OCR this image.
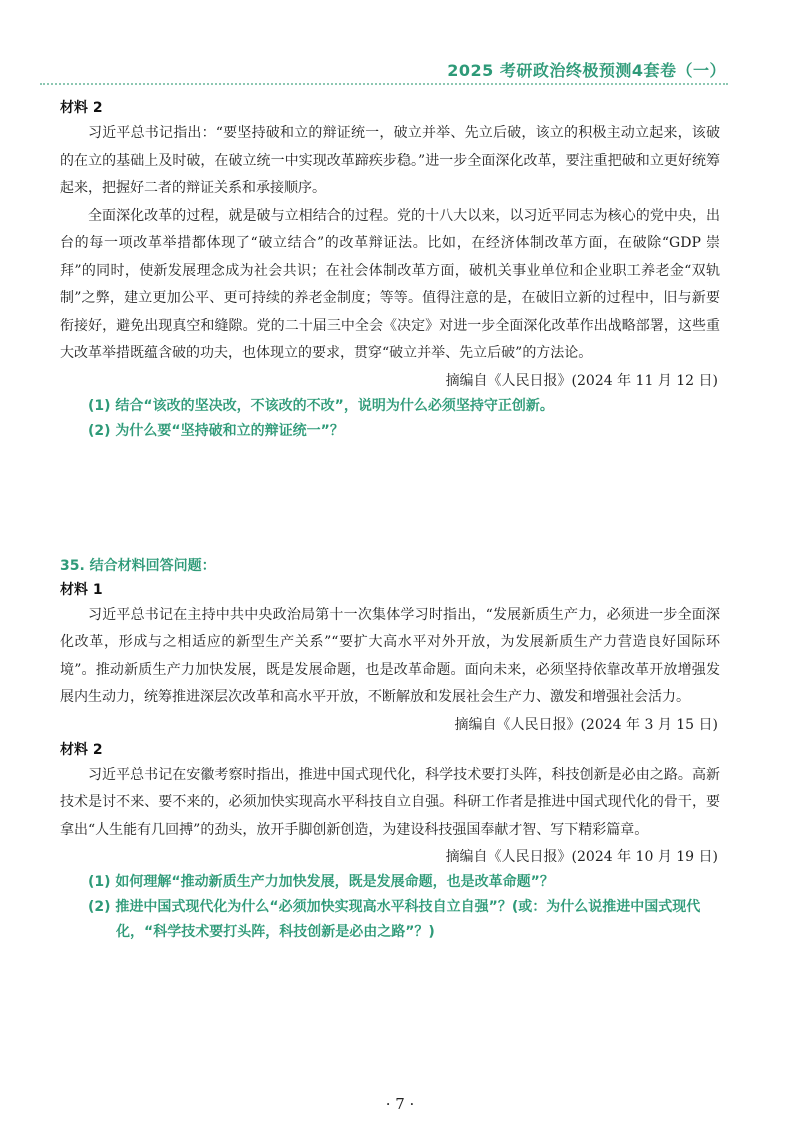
2025 考研政治终极预测4套卷（一）
材料 2

习近平总书记指出：“要坚持破和立的辩证统一，破立并举、先立后破，该立的积极主动立起来，该破的在立的基础上及时破，在破立统一中实现改革蹄疾步稳。”进一步全面深化改革，要注重把破和立更好统筹起来，把握好二者的辩证关系和承接顺序。

全面深化改革的过程，就是破与立相结合的过程。党的十八大以来，以习近平同志为核心的党中央，出台的每一项改革举措都体现了“破立结合”的改革辩证法。比如，在经济体制改革方面，在破除“GDP 崇拜”的同时，使新发展理念成为社会共识；在社会体制改革方面，破机关事业单位和企业职工养老金“双轨制”之弊，建立更加公平、更可持续的养老金制度；等等。值得注意的是，在破旧立新的过程中，旧与新要衔接好，避免出现真空和缝隙。党的二十届三中全会《决定》对进一步全面深化改革作出战略部署，这些重大改革举措既蕴含破的功夫，也体现立的要求，贯穿“破立并举、先立后破”的方法论。

摘编自《人民日报》(2024 年 11 月 12 日)
(1) 结合“该改的坚决改，不该改的不改”，说明为什么必须坚持守正创新。
(2) 为什么要“坚持破和立的辩证统一”？
35. 结合材料回答问题：
材料 1

习近平总书记在主持中共中央政治局第十一次集体学习时指出，“发展新质生产力，必须进一步全面深化改革，形成与之相适应的新型生产关系”“要扩大高水平对外开放，为发展新质生产力营造良好国际环境”。推动新质生产力加快发展，既是发展命题，也是改革命题。面向未来，必须坚持依靠改革开放增强发展内生动力，统筹推进深层次改革和高水平开放，不断解放和发展社会生产力、激发和增强社会活力。

摘编自《人民日报》(2024 年 3 月 15 日)
材料 2

习近平总书记在安徽考察时指出，推进中国式现代化，科学技术要打头阵，科技创新是必由之路。高新技术是讨不来、要不来的，必须加快实现高水平科技自立自强。科研工作者是推进中国式现代化的骨干，要拿出“人生能有几回搏”的劲头，放开手脚创新创造，为建设科技强国奉献才智、写下精彩篇章。

摘编自《人民日报》(2024 年 10 月 19 日)
(1) 如何理解“推动新质生产力加快发展，既是发展命题，也是改革命题”？
(2) 推进中国式现代化为什么“必须加快实现高水平科技自立自强”？(或：为什么说推进中国式现代化，“科学技术要打头阵，科技创新是必由之路”？)
· 7 ·
